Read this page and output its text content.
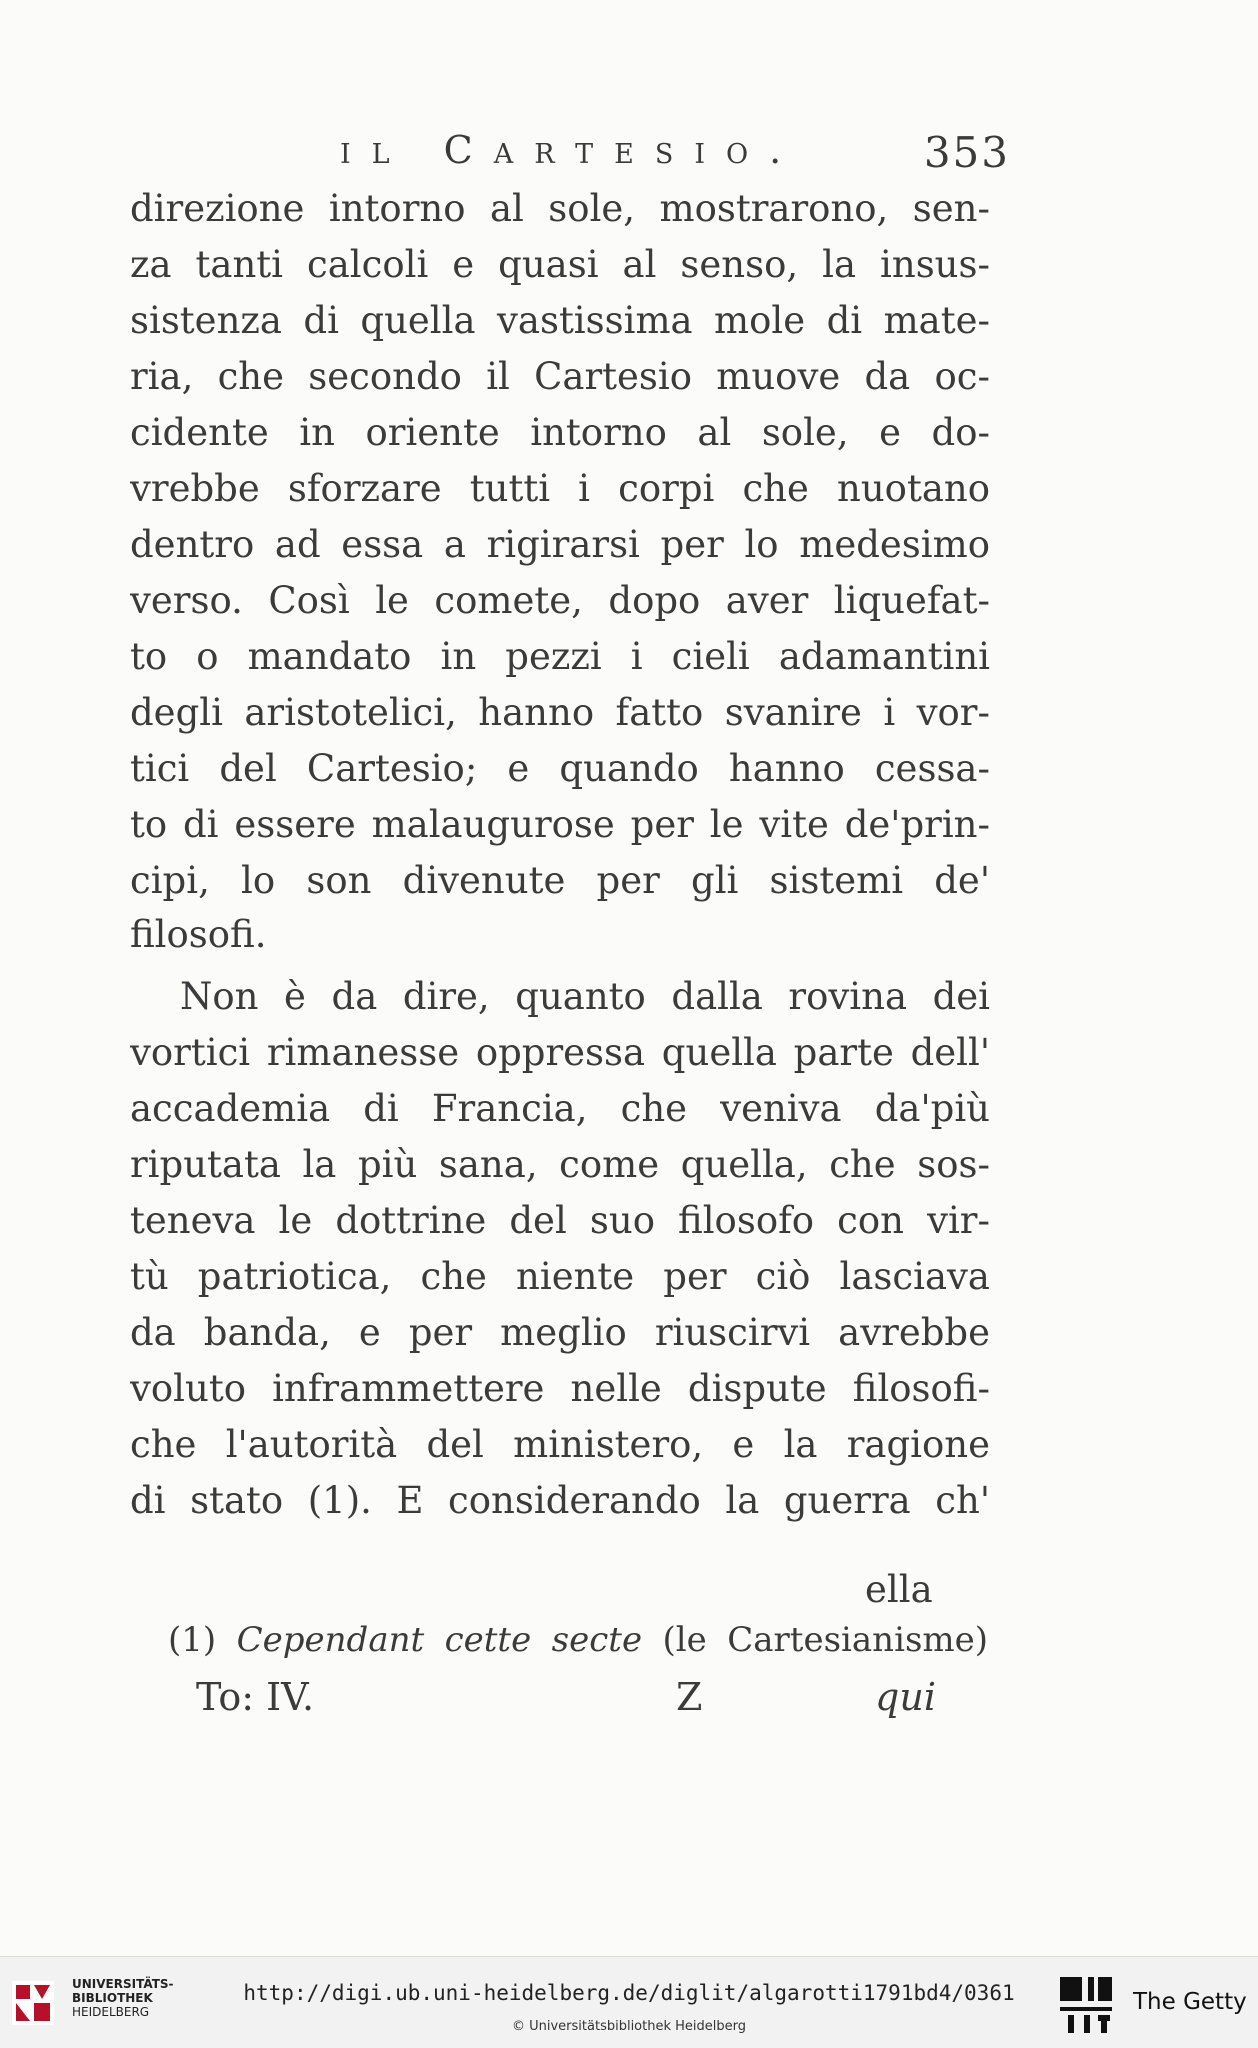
il Cartesio.	353
direzione intorno al sole, mostrarono, sen-
za tanti calcoli e quasi al senso, la insus-
sistenza di quella vastissima mole di mate-
ria, che secondo il Cartesio muove da oc-
cidente in oriente intorno al sole, e do-
vrebbe sforzare tutti i corpi che nuotano
dentro ad essa a rigirarsi per lo medesimo
verso. Così le comete, dopo aver liquefat-
to o mandato in pezzi i cieli adamantini
degli aristotelici, hanno fatto svanire i vor-
tici del Cartesio; e quando hanno cessa-
to di essere malaugurose per le vite de'prin-
cipi, lo son divenute per gli sistemi de'
filosofi.
Non è da dire, quanto dalla rovina dei
vortici rimanesse oppressa quella parte dell'
accademia di Francia, che veniva da'più
riputata la più sana, come quella, che sos-
teneva le dottrine del suo filosofo con vir-
tù patriotica, che niente per ciò lasciava
da banda, e per meglio riuscirvi avrebbe
voluto inframmettere nelle dispute filosofi-
che l'autorità del ministero, e la ragione
di stato (1). E considerando la guerra ch'
ella
(1) Cependant cette secte (le Cartesianisme)
To: IV.	Z	qui
UNIVERSITÄTS-
BIBLIOTHEK
HEIDELBERG
http://digi.ub.uni-heidelberg.de/diglit/algarotti1791bd4/0361
© Universitätsbibliothek Heidelberg
The Getty
